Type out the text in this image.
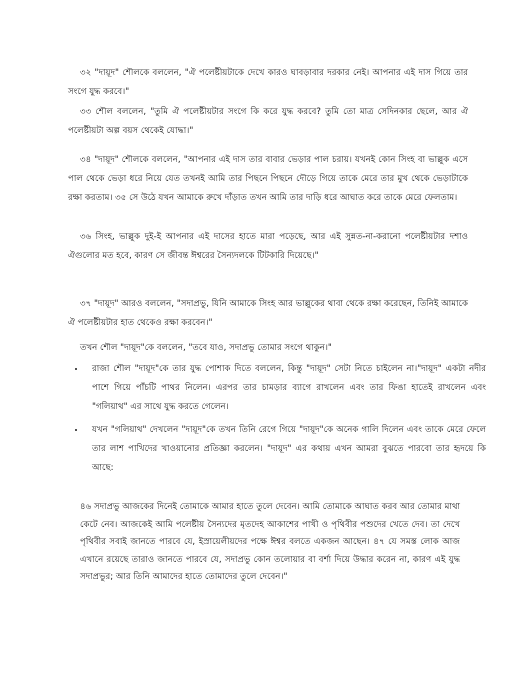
৩২ "দায়ূদ" শৌলকে বললেন, "ঐ পলেষ্টীয়টাকে দেখে কারও ঘাবড়াবার দরকার নেই। আপনার এই দাস গিয়ে তার সংগে যুদ্ধ করবে।"

৩৩ শৌল বললেন, "তুমি ঐ পলেষ্টীয়টার সংগে কি করে যুদ্ধ করবে? তুমি তো মাত্র সেদিনকার ছেলে, আর ঐ পলেষ্টীয়টা অল্প বয়স থেকেই যোদ্ধা।"

৩৪ "দায়ূদ" শৌলকে বললেন, "আপনার এই দাস তার বাবার ভেড়ার পাল চরায়। যখনই কোন সিংহ বা ভাল্লুক এসে পাল থেকে ভেড়া ধরে নিয়ে যেত তখনই আমি তার পিছনে পিছনে দৌড়ে গিয়ে তাকে মেরে তার মুখ থেকে ভেড়াটাকে রক্ষা করতাম। ৩৫ সে উঠে যখন আমাকে রুখে দাঁড়াত তখন আমি তার দাড়ি ধরে আঘাত করে তাকে মেরে ফেলতাম।

৩৬ সিংহ, ভাল্লুক দুই-ই আপনার এই দাসের হাতে মারা পড়েছে, আর এই সুন্নত-না-করানো পলেষ্টীয়টার দশাও ঐগুলোর মত হবে, কারণ সে জীবন্ত ঈশ্বরের সৈন্যদলকে টিটকারি দিয়েছে।"

৩৭ "দায়ূদ" আরও বললেন, "সদাপ্রভু, যিনি আমাকে সিংহ আর ভাল্লুকের থাবা থেকে রক্ষা করেছেন, তিনিই আমাকে ঐ পলেষ্টীয়টার হাত থেকেও রক্ষা করবেন।"

তখন শৌল "দায়ূদ"কে বললেন, "তবে যাও, সদাপ্রভু তোমার সংগে থাকুন।"

• রাজা শৌল "দায়ূদ"কে তার যুদ্ধ পোশাক দিতে বললেন, কিন্তু "দায়ূদ" সেটা নিতে চাইলেন না।"দায়ূদ" একটা নদীর পাশে গিয়ে পাঁচটি পাথর নিলেন। এরপর তার চামড়ার ব্যাগে রাখলেন এবং তার ফিঙা হাতেই রাখলেন এবং "গলিয়াথ" এর সাথে যুদ্ধ করতে গেলেন।
• যখন "গলিয়াথ" দেখলেন "দায়ূদ"কে তখন তিনি রেগে গিয়ে "দায়ূদ"কে অনেক গালি দিলেন এবং তাকে মেরে ফেলে তার লাশ পাখিদের খাওয়ানোর প্রতিজ্ঞা করলেন। "দায়ূদ" এর কথায় এখন আমরা বুঝতে পারবো তার হৃদয়ে কি আছে:

৪৬ সদাপ্রভু আজকের দিনেই তোমাকে আমার হাতে তুলে দেবেন। আমি তোমাকে আঘাত করব আর তোমার মাথা কেটে নেব। আজকেই আমি পলেষ্টীয় সৈন্যদের মৃতদেহ আকাশের পাখী ও পৃথিবীর পশুদের খেতে দেব। তা দেখে পৃথিবীর সবাই জানতে পারবে যে, ইস্রায়েলীয়দের পক্ষে ঈশ্বর বলতে একজন আছেন। ৪৭ যে সমস্ত লোক আজ এখানে রয়েছে তারাও জানতে পারবে যে, সদাপ্রভু কোন তলোয়ার বা বর্শা দিয়ে উদ্ধার করেন না, কারণ এই যুদ্ধ সদাপ্রভুর; আর তিনি আমাদের হাতে তোমাদের তুলে দেবেন।"
